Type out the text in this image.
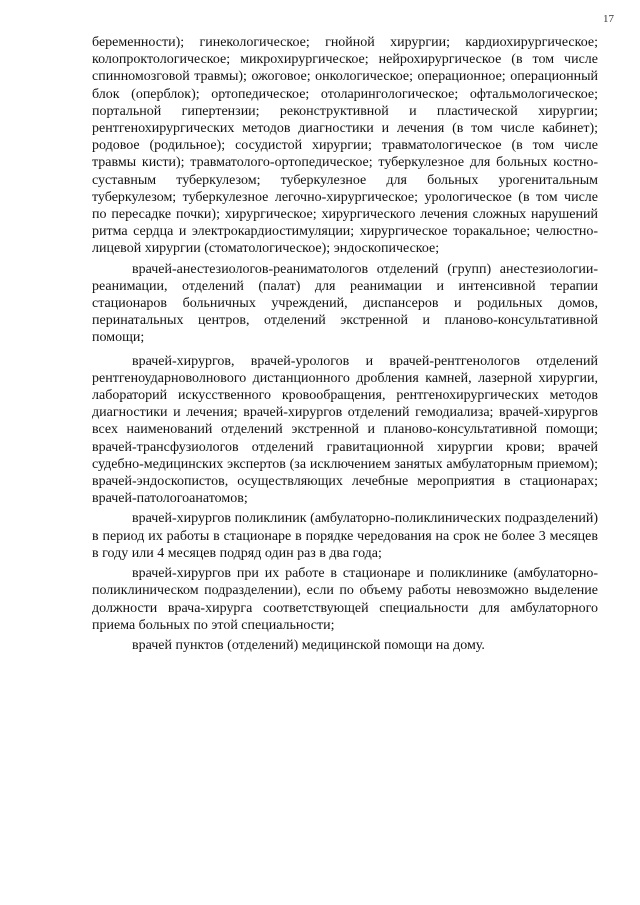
17

беременности); гинекологическое; гнойной хирургии; кардиохирургическое; колопроктологическое; микрохирургическое; нейрохирургическое (в том числе спинномозговой травмы); ожоговое; онкологическое; операционное; операционный блок (оперблок); ортопедическое; отоларингологическое; офтальмологическое; портальной гипертензии; реконструктивной и пластической хирургии; рентгенохирургических методов диагностики и лечения (в том числе кабинет); родовое (родильное); сосудистой хирургии; травматологическое (в том числе травмы кисти); травматолого-ортопедическое; туберкулезное для больных костно-суставным туберкулезом; туберкулезное для больных урогенитальным туберкулезом; туберкулезное легочно-хирургическое; урологическое (в том числе по пересадке почки); хирургическое; хирургического лечения сложных нарушений ритма сердца и электрокардиостимуляции; хирургическое торакальное; челюстно-лицевой хирургии (стоматологическое); эндоскопическое;

врачей-анестезиологов-реаниматологов отделений (групп) анестезиологии-реанимации, отделений (палат) для реанимации и интенсивной терапии стационаров больничных учреждений, диспансеров и родильных домов, перинатальных центров, отделений экстренной и планово-консультативной помощи;

врачей-хирургов, врачей-урологов и врачей-рентгенологов отделений рентгеноударноволнового дистанционного дробления камней, лазерной хирургии, лабораторий искусственного кровообращения, рентгенохирургических методов диагностики и лечения; врачей-хирургов отделений гемодиализа; врачей-хирургов всех наименований отделений экстренной и планово-консультативной помощи; врачей-трансфузиологов отделений гравитационной хирургии крови; врачей судебно-медицинских экспертов (за исключением занятых амбулаторным приемом); врачей-эндоскопистов, осуществляющих лечебные мероприятия в стационарах; врачей-патологоанатомов;

врачей-хирургов поликлиник (амбулаторно-поликлинических подразделений) в период их работы в стационаре в порядке чередования на срок не более 3 месяцев в году или 4 месяцев подряд один раз в два года;

врачей-хирургов при их работе в стационаре и поликлинике (амбулаторно-поликлиническом подразделении), если по объему работы невозможно выделение должности врача-хирурга соответствующей специальности для амбулаторного приема больных по этой специальности;

врачей пунктов (отделений) медицинской помощи на дому.
